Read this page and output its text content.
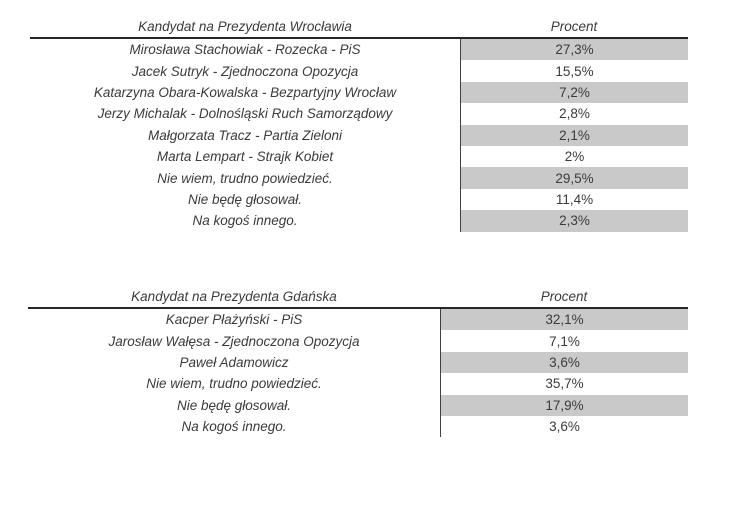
Kandydat na Prezydenta Wrocławia	Procent
Mirosława Stachowiak - Rozecka - PiS	27,3%
Jacek Sutryk - Zjednoczona Opozycja	15,5%
Katarzyna Obara-Kowalska - Bezpartyjny Wrocław	7,2%
Jerzy Michalak - Dolnośląski Ruch Samorządowy	2,8%
Małgorzata Tracz - Partia Zieloni	2,1%
Marta Lempart - Strajk Kobiet	2%
Nie wiem, trudno powiedzieć.	29,5%
Nie będę głosował.	11,4%
Na kogoś innego.	2,3%
Kandydat na Prezydenta Gdańska	Procent
Kacper Płażyński - PiS	32,1%
Jarosław Wałęsa - Zjednoczona Opozycja	7,1%
Paweł Adamowicz	3,6%
Nie wiem, trudno powiedzieć.	35,7%
Nie będę głosował.	17,9%
Na kogoś innego.	3,6%
